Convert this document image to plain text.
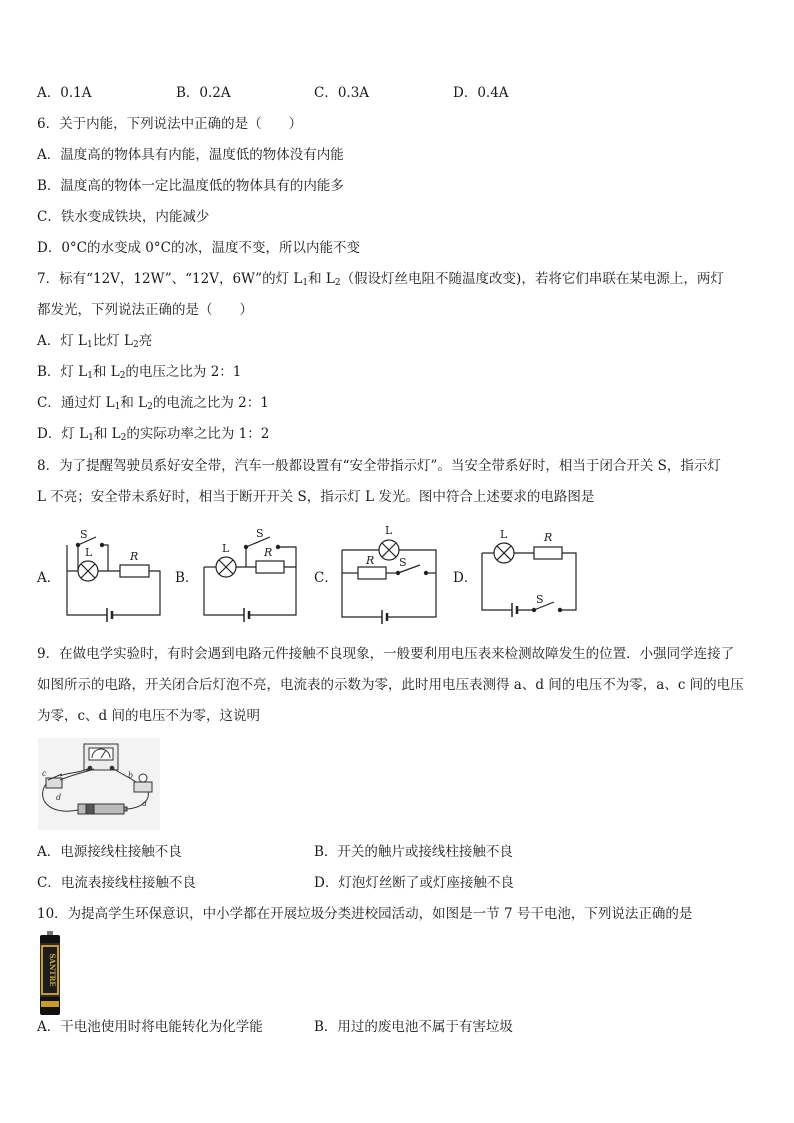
A．0.1A	B．0.2A	C．0.3A	D．0.4A
6．关于内能，下列说法中正确的是（　　）
A．温度高的物体具有内能，温度低的物体没有内能
B．温度高的物体一定比温度低的物体具有的内能多
C．铁水变成铁块，内能减少
D．0°C的水变成 0°C的冰，温度不变，所以内能不变
7．标有“12V，12W”、“12V，6W”的灯 $L_1$和 $L_2$（假设灯丝电阻不随温度改变)，若将它们串联在某电源上，两灯
都发光，下列说法正确的是（　　）
A．灯 $L_1$比灯 $L_2$亮
B．灯 $L_1$和 $L_2$的电压之比为 2：1
C．通过灯 $L_1$和 $L_2$的电流之比为 2：1
D．灯 $L_1$和 $L_2$的实际功率之比为 1：2
8．为了提醒驾驶员系好安全带，汽车一般都设置有“安全带指示灯”。当安全带系好时，相当于闭合开关 S，指示灯
L 不亮；安全带未系好时，相当于断开开关 S，指示灯 L 发光。图中符合上述要求的电路图是
A．	B．	C．	D．
S
L	R
S
L	R
L
R S
L	R
S
9．在做电学实验时，有时会遇到电路元件接触不良现象，一般要利用电压表来检测故障发生的位置．小强同学连接了
如图所示的电路，开关闭合后灯泡不亮，电流表的示数为零，此时用电压表测得 a、d 间的电压不为零，a、c 间的电压
为零，c、d 间的电压不为零，这说明
c	b
d
a
A．电源接线柱接触不良	B．开关的触片或接线柱接触不良
C．电流表接线柱接触不良	D．灯泡灯丝断了或灯座接触不良
10．为提高学生环保意识，中小学都在开展垃圾分类进校园活动，如图是一节 7 号干电池，下列说法正确的是
SANTRE
A．干电池使用时将电能转化为化学能	B．用过的废电池不属于有害垃圾
